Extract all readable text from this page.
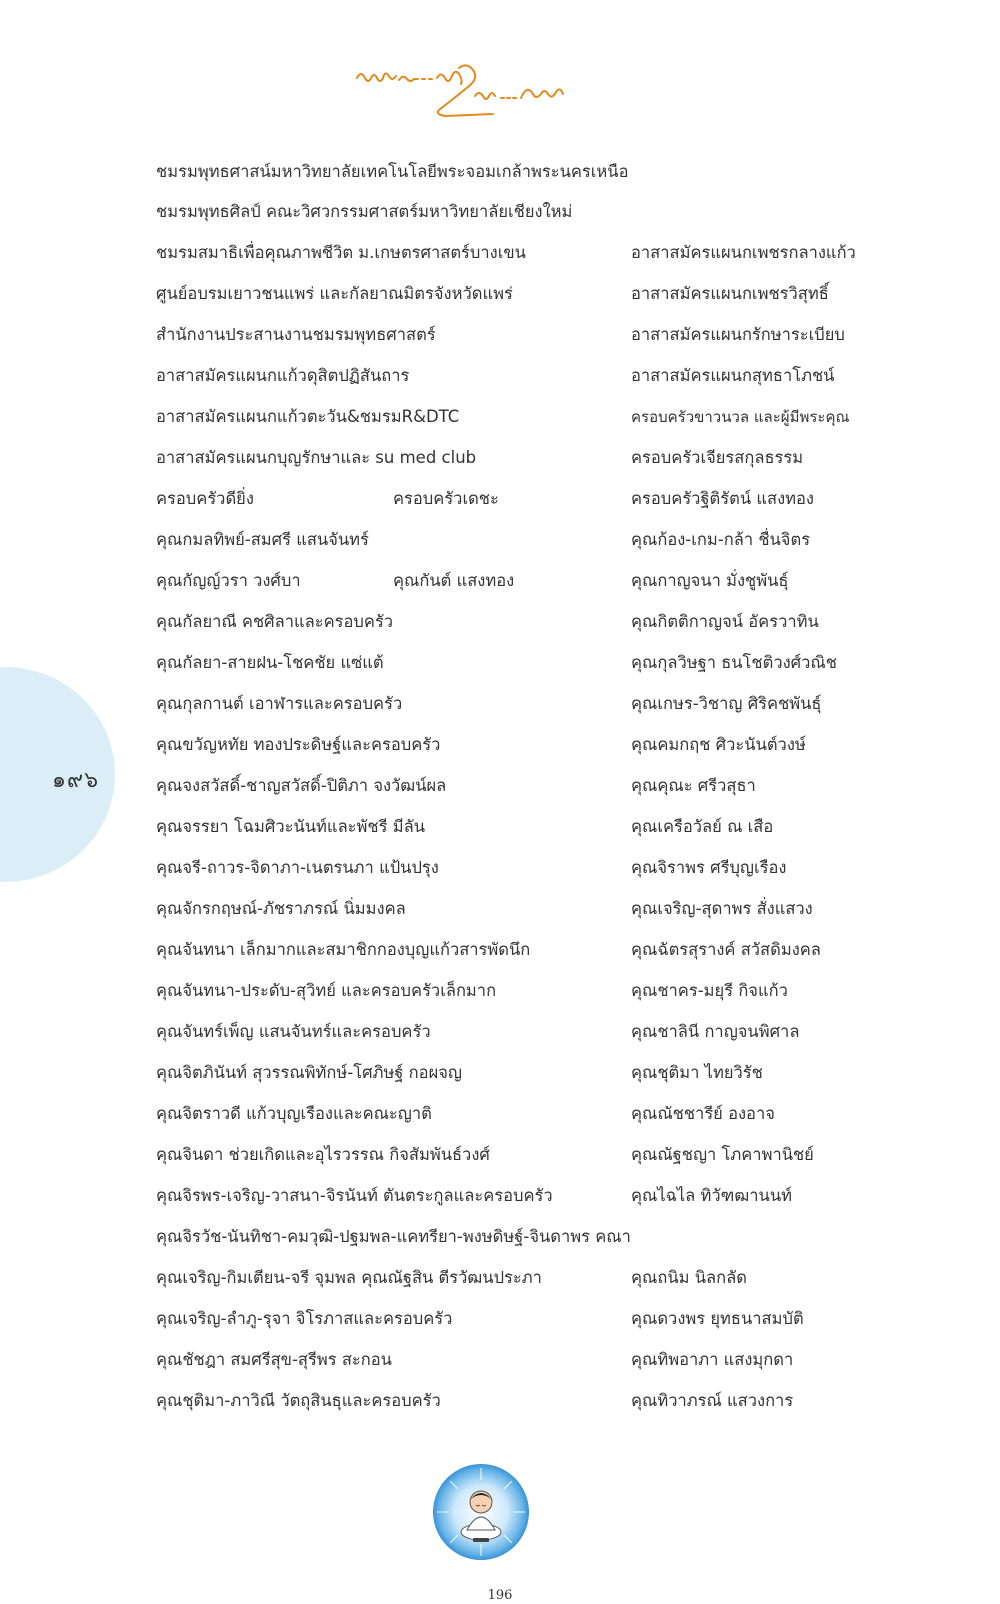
๑๙๖
ชมรมพุทธศาสน์มหาวิทยาลัยเทคโนโลยีพระจอมเกล้าพระนครเหนือ
ชมรมพุทธศิลป์ คณะวิศวกรรมศาสตร์มหาวิทยาลัยเชียงใหม่
ชมรมสมาธิเพื่อคุณภาพชีวิต ม.เกษตรศาสตร์บางเขน	อาสาสมัครแผนกเพชรกลางแก้ว
ศูนย์อบรมเยาวชนแพร่ และกัลยาณมิตรจังหวัดแพร่	อาสาสมัครแผนกเพชรวิสุทธิ์
สำนักงานประสานงานชมรมพุทธศาสตร์	อาสาสมัครแผนกรักษาระเบียบ
อาสาสมัครแผนกแก้วดุสิตปฏิสันถาร	อาสาสมัครแผนกสุทธาโภชน์
อาสาสมัครแผนกแก้วตะวัน&ชมรมR&DTC	ครอบครัวขาวนวล และผู้มีพระคุณ
อาสาสมัครแผนกบุญรักษาและ su med club	ครอบครัวเจียรสกุลธรรม
ครอบครัวดียิ่ง	ครอบครัวเดชะ	ครอบครัวฐิติรัตน์ แสงทอง
คุณกมลทิพย์-สมศรี แสนจันทร์	คุณก้อง-เกม-กล้า ชื่นจิตร
คุณกัญญ์วรา วงศ์บา	คุณกันต์ แสงทอง	คุณกาญจนา มั่งชูพันธุ์
คุณกัลยาณี คชศิลาและครอบครัว	คุณกิตติกาญจน์ อัครวาทิน
คุณกัลยา-สายฝน-โชคชัย แซ่แต้	คุณกุลวิษฐา ธนโชติวงศ์วณิช
คุณกุลกานต์ เอาฬารและครอบครัว	คุณเกษร-วิชาญ ศิริคชพันธุ์
คุณขวัญหทัย ทองประดิษฐ์และครอบครัว	คุณคมกฤช ศิวะนันต์วงษ์
คุณจงสวัสดิ์-ชาญสวัสดิ์-ปิติภา จงวัฒน์ผล	คุณคุณะ ศรีวสุธา
คุณจรรยา โฉมศิวะนันท์และพัชรี มีลัน	คุณเครือวัลย์ ณ เสือ
คุณจรี-ถาวร-จิดาภา-เนตรนภา แป้นปรุง	คุณจิราพร ศรีบุญเรือง
คุณจักรกฤษณ์-ภัชราภรณ์ นิ่มมงคล	คุณเจริญ-สุดาพร สั่งแสวง
คุณจันทนา เล็กมากและสมาชิกกองบุญแก้วสารพัดนึก	คุณฉัตรสุรางค์ สวัสดิมงคล
คุณจันทนา-ประดับ-สุวิทย์ และครอบครัวเล็กมาก	คุณชาคร-มยุรี กิจแก้ว
คุณจันทร์เพ็ญ แสนจันทร์และครอบครัว	คุณชาลินี กาญจนพิศาล
คุณจิตภินันท์ สุวรรณพิทักษ์-โศภิษฐ์ กอผจญ	คุณชุติมา ไทยวิรัช
คุณจิตราวดี แก้วบุญเรืองและคณะญาติ	คุณณัชชารีย์ องอาจ
คุณจินดา ช่วยเกิดและอุไรวรรณ กิจสัมพันธ์วงศ์	คุณณัฐชญา โภคาพานิชย์
คุณจิรพร-เจริญ-วาสนา-จิรนันท์ ตันตระกูลและครอบครัว	คุณไฉไล ทิวัฑฒานนท์
คุณจิรวัช-นันทิชา-คมวุฒิ-ปฐมพล-แคทรียา-พงษดิษฐ์-จินดาพร คณา
คุณเจริญ-กิมเตียน-จรี จุมพล คุณณัฐสิน ตีรวัฒนประภา	คุณถนิม นิลกลัด
คุณเจริญ-ลำภู-รุจา จิโรภาสและครอบครัว	คุณดวงพร ยุทธนาสมบัติ
คุณชัชฎา สมศรีสุข-สุรีพร สะกอน	คุณทิพอาภา แสงมุกดา
คุณชุติมา-ภาวิณี วัตถุสินธุและครอบครัว	คุณทิวาภรณ์ แสวงการ
196
